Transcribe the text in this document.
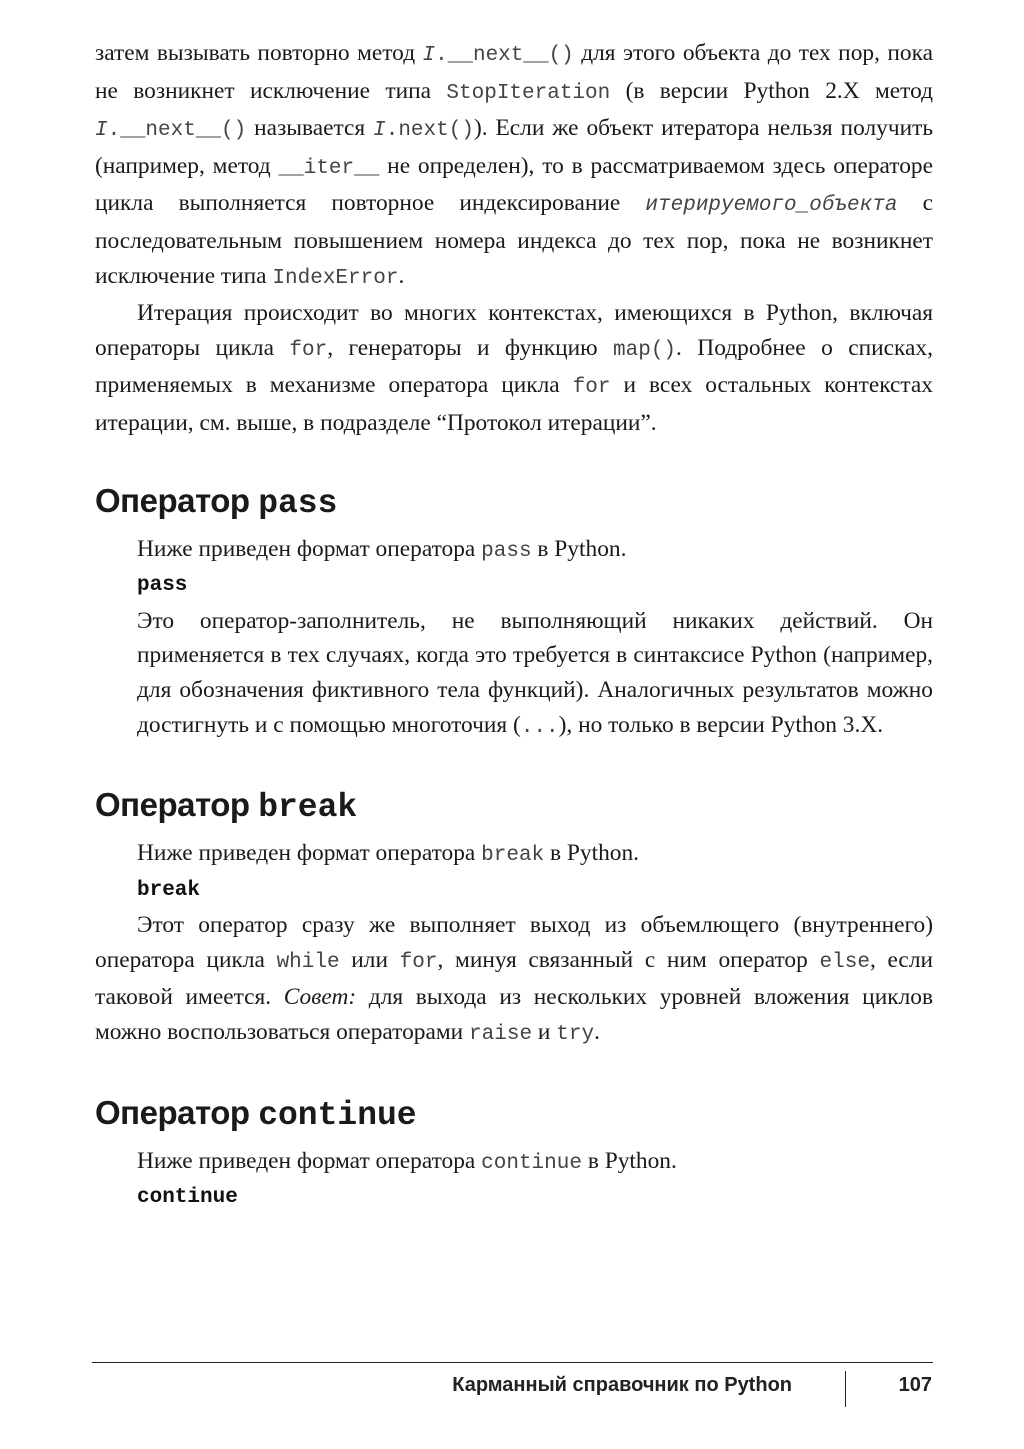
затем вызывать повторно метод I.__next__() для этого объекта до тех пор, пока не возникнет исключение типа StopIteration (в версии Python 2.X метод I.__next__() называется I.next()). Если же объект итератора нельзя получить (например, метод __iter__ не определен), то в рассматриваемом здесь операторе цикла выполняется повторное индексирование итерируемого_объекта с последовательным повышением номера индекса до тех пор, пока не возникнет исключение типа IndexError.

Итерация происходит во многих контекстах, имеющихся в Python, включая операторы цикла for, генераторы и функцию map(). Подробнее о списках, применяемых в механизме оператора цикла for и всех остальных контекстах итерации, см. выше, в подразделе “Протокол итерации”.

Оператор pass

Ниже приведен формат оператора pass в Python.

pass

Это оператор-заполнитель, не выполняющий никаких действий. Он применяется в тех случаях, когда это требуется в синтаксисе Python (например, для обозначения фиктивного тела функций). Аналогичных результатов можно достигнуть и с помощью многоточия (...), но только в версии Python 3.X.

Оператор break

Ниже приведен формат оператора break в Python.

break

Этот оператор сразу же выполняет выход из объемлющего (внутреннего) оператора цикла while или for, минуя связанный с ним оператор else, если таковой имеется. Совет: для выхода из нескольких уровней вложения циклов можно воспользоваться операторами raise и try.

Оператор continue

Ниже приведен формат оператора continue в Python.

continue

Карманный справочник по Python	107
